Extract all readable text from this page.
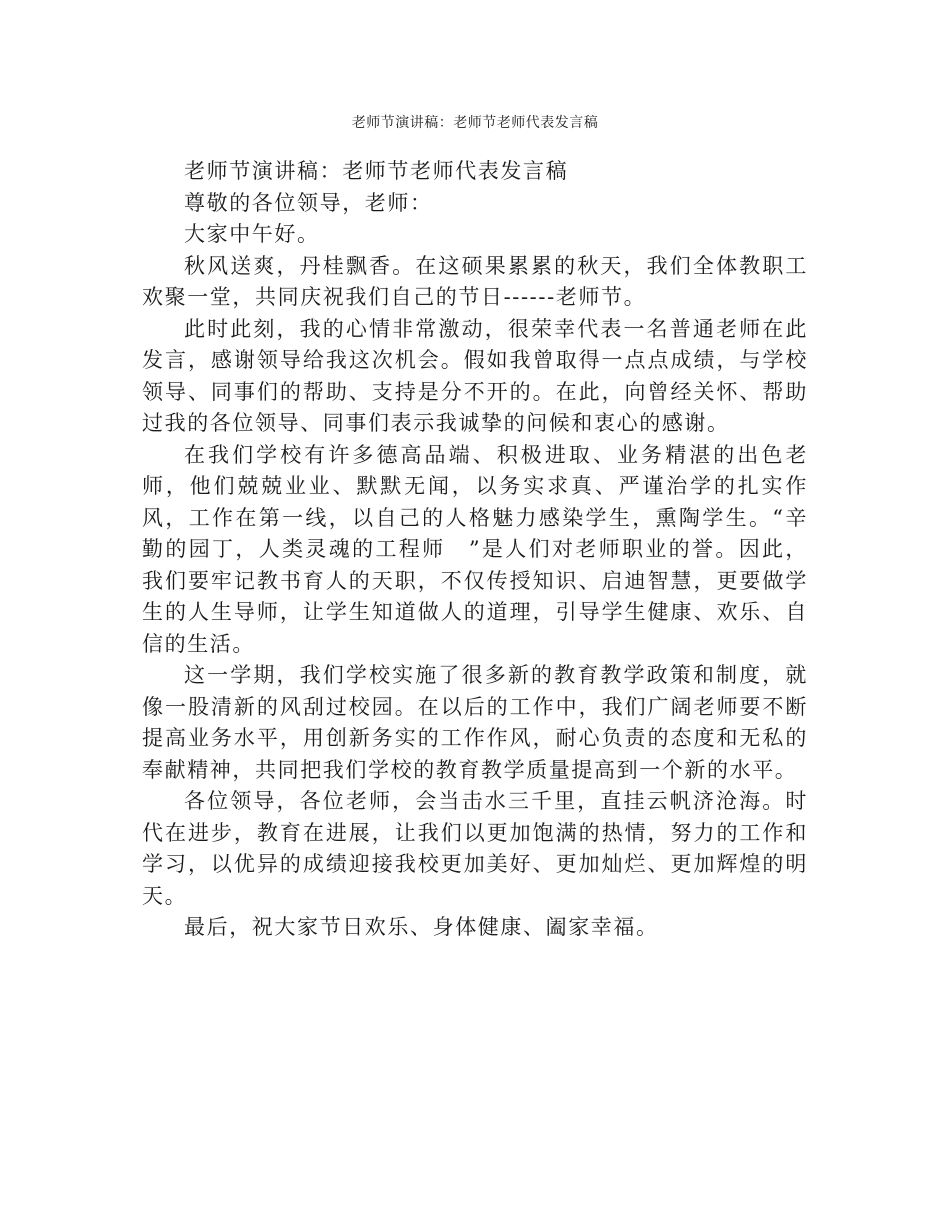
老师节演讲稿：老师节老师代表发言稿

老师节演讲稿：老师节老师代表发言稿

尊敬的各位领导，老师：

大家中午好。

秋风送爽，丹桂飘香。在这硕果累累的秋天，我们全体教职工欢聚一堂，共同庆祝我们自己的节日------老师节。

此时此刻，我的心情非常激动，很荣幸代表一名普通老师在此发言，感谢领导给我这次机会。假如我曾取得一点点成绩，与学校领导、同事们的帮助、支持是分不开的。在此，向曾经关怀、帮助过我的各位领导、同事们表示我诚挚的问候和衷心的感谢。

在我们学校有许多德高品端、积极进取、业务精湛的出色老师，他们兢兢业业、默默无闻，以务实求真、严谨治学的扎实作风，工作在第一线，以自己的人格魅力感染学生，熏陶学生。“辛勤的园丁，人类灵魂的工程师　”是人们对老师职业的誉。因此，我们要牢记教书育人的天职，不仅传授知识、启迪智慧，更要做学生的人生导师，让学生知道做人的道理，引导学生健康、欢乐、自信的生活。

这一学期，我们学校实施了很多新的教育教学政策和制度，就像一股清新的风刮过校园。在以后的工作中，我们广阔老师要不断提高业务水平，用创新务实的工作作风，耐心负责的态度和无私的奉献精神，共同把我们学校的教育教学质量提高到一个新的水平。

各位领导，各位老师，会当击水三千里，直挂云帆济沧海。时代在进步，教育在进展，让我们以更加饱满的热情，努力的工作和学习，以优异的成绩迎接我校更加美好、更加灿烂、更加辉煌的明天。

最后，祝大家节日欢乐、身体健康、阖家幸福。
